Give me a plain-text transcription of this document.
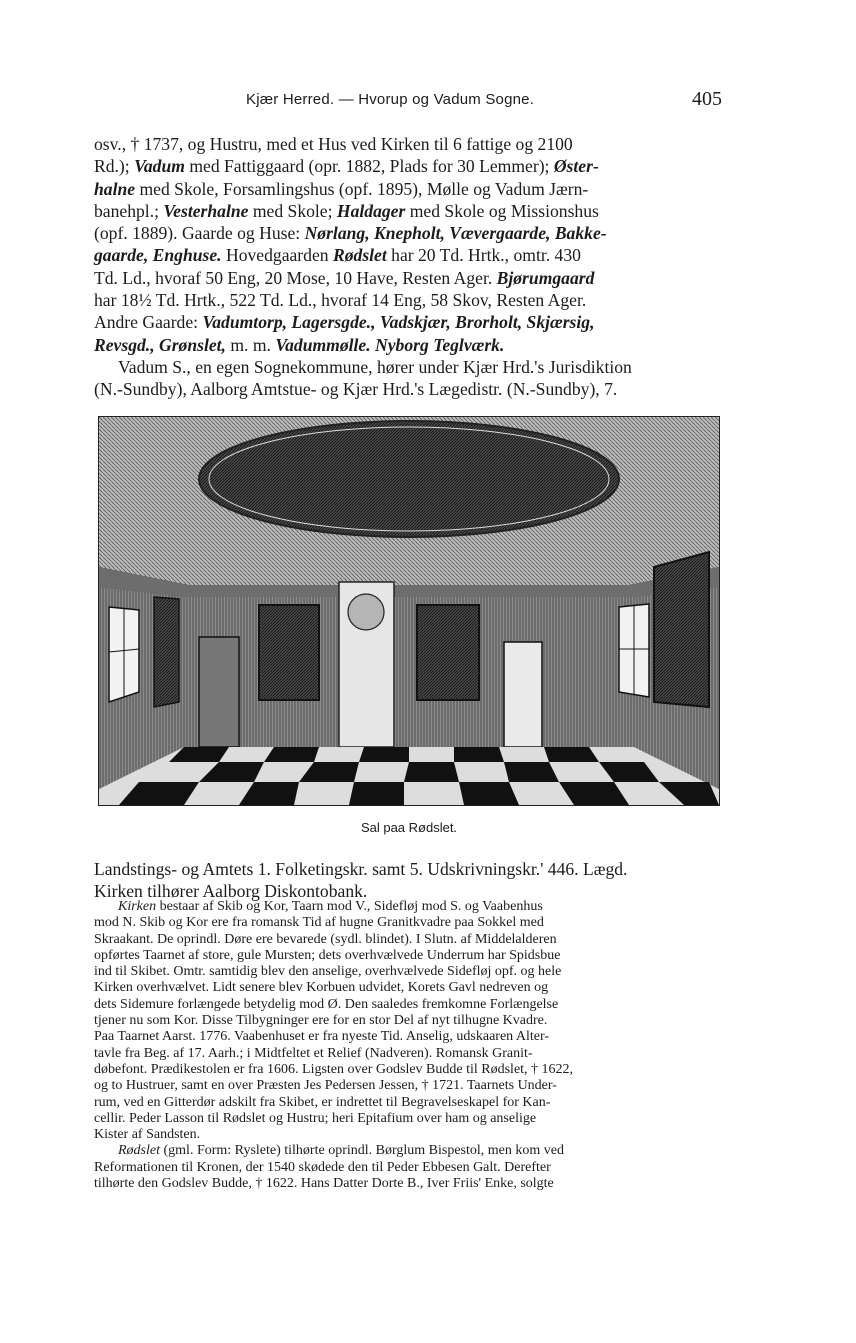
Kjær Herred. — Hvorup og Vadum Sogne.	405
osv., † 1737, og Hustru, med et Hus ved Kirken til 6 fattige og 2100
Rd.); Vadum med Fattiggaard (opr. 1882, Plads for 30 Lemmer); Øster-
halne med Skole, Forsamlingshus (opf. 1895), Mølle og Vadum Jærn-
banehpl.; Vesterhalne med Skole; Haldager med Skole og Missionshus
(opf. 1889). Gaarde og Huse: Nørlang, Knepholt, Vævergaarde, Bakke-
gaarde, Enghuse. Hovedgaarden Rødslet har 20 Td. Hrtk., omtr. 430
Td. Ld., hvoraf 50 Eng, 20 Mose, 10 Have, Resten Ager. Bjørumgaard
har 18½ Td. Hrtk., 522 Td. Ld., hvoraf 14 Eng, 58 Skov, Resten Ager.
Andre Gaarde: Vadumtorp, Lagersgde., Vadskjær, Brorholt, Skjærsig,
Revsgd., Grønslet, m. m. Vadummølle. Nyborg Teglværk.
Vadum S., en egen Sognekommune, hører under Kjær Hrd.'s Jurisdiktion
(N.-Sundby), Aalborg Amtstue- og Kjær Hrd.'s Lægedistr. (N.-Sundby), 7.
Sal paa Rødslet.
Landstings- og Amtets 1. Folketingskr. samt 5. Udskrivningskr.' 446. Lægd.
Kirken tilhører Aalborg Diskontobank.
Kirken bestaar af Skib og Kor, Taarn mod V., Sidefløj mod S. og Vaabenhus
mod N. Skib og Kor ere fra romansk Tid af hugne Granitkvadre paa Sokkel med
Skraakant. De oprindl. Døre ere bevarede (sydl. blindet). I Slutn. af Middelalderen
opførtes Taarnet af store, gule Mursten; dets overhvælvede Underrum har Spidsbue
ind til Skibet. Omtr. samtidig blev den anselige, overhvælvede Sidefløj opf. og hele
Kirken overhvælvet. Lidt senere blev Korbuen udvidet, Korets Gavl nedreven og
dets Sidemure forlængede betydelig mod Ø. Den saaledes fremkomne Forlængelse
tjener nu som Kor. Disse Tilbygninger ere for en stor Del af nyt tilhugne Kvadre.
Paa Taarnet Aarst. 1776. Vaabenhuset er fra nyeste Tid. Anselig, udskaaren Alter-
tavle fra Beg. af 17. Aarh.; i Midtfeltet et Relief (Nadveren). Romansk Granit-
døbefont. Prædikestolen er fra 1606. Ligsten over Godslev Budde til Rødslet, † 1622,
og to Hustruer, samt en over Præsten Jes Pedersen Jessen, † 1721. Taarnets Under-
rum, ved en Gitterdør adskilt fra Skibet, er indrettet til Begravelseskapel for Kan-
cellir. Peder Lasson til Rødslet og Hustru; heri Epitafium over ham og anselige
Kister af Sandsten.
Rødslet (gml. Form: Ryslete) tilhørte oprindl. Børglum Bispestol, men kom ved
Reformationen til Kronen, der 1540 skødede den til Peder Ebbesen Galt. Derefter
tilhørte den Godslev Budde, † 1622. Hans Datter Dorte B., Iver Friis' Enke, solgte
